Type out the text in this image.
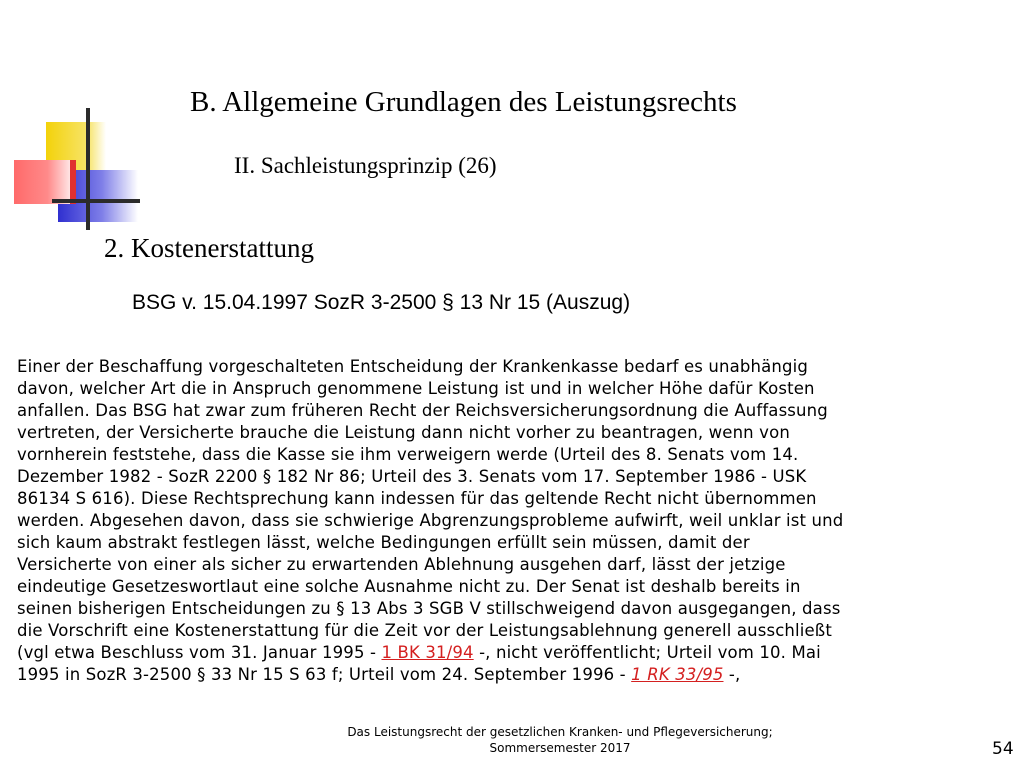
B. Allgemeine Grundlagen des Leistungsrechts
II. Sachleistungsprinzip (26)
2. Kostenerstattung
BSG v. 15.04.1997 SozR 3-2500 § 13 Nr 15 (Auszug)
Einer der Beschaffung vorgeschalteten Entscheidung der Krankenkasse bedarf es unabhängig
davon, welcher Art die in Anspruch genommene Leistung ist und in welcher Höhe dafür Kosten
anfallen. Das BSG hat zwar zum früheren Recht der Reichsversicherungsordnung die Auffassung
vertreten, der Versicherte brauche die Leistung dann nicht vorher zu beantragen, wenn von
vornherein feststehe, dass die Kasse sie ihm verweigern werde (Urteil des 8. Senats vom 14.
Dezember 1982 - SozR 2200 § 182 Nr 86; Urteil des 3. Senats vom 17. September 1986 - USK
86134 S 616). Diese Rechtsprechung kann indessen für das geltende Recht nicht übernommen
werden. Abgesehen davon, dass sie schwierige Abgrenzungsprobleme aufwirft, weil unklar ist und
sich kaum abstrakt festlegen lässt, welche Bedingungen erfüllt sein müssen, damit der
Versicherte von einer als sicher zu erwartenden Ablehnung ausgehen darf, lässt der jetzige
eindeutige Gesetzeswortlaut eine solche Ausnahme nicht zu. Der Senat ist deshalb bereits in
seinen bisherigen Entscheidungen zu § 13 Abs 3 SGB V stillschweigend davon ausgegangen, dass
die Vorschrift eine Kostenerstattung für die Zeit vor der Leistungsablehnung generell ausschließt
(vgl etwa Beschluss vom 31. Januar 1995 - 1 BK 31/94 -, nicht veröffentlicht; Urteil vom 10. Mai
1995 in SozR 3-2500 § 33 Nr 15 S 63 f; Urteil vom 24. September 1996 - 1 RK 33/95 -,
Das Leistungsrecht der gesetzlichen Kranken- und Pflegeversicherung;
Sommersemester 2017	54
